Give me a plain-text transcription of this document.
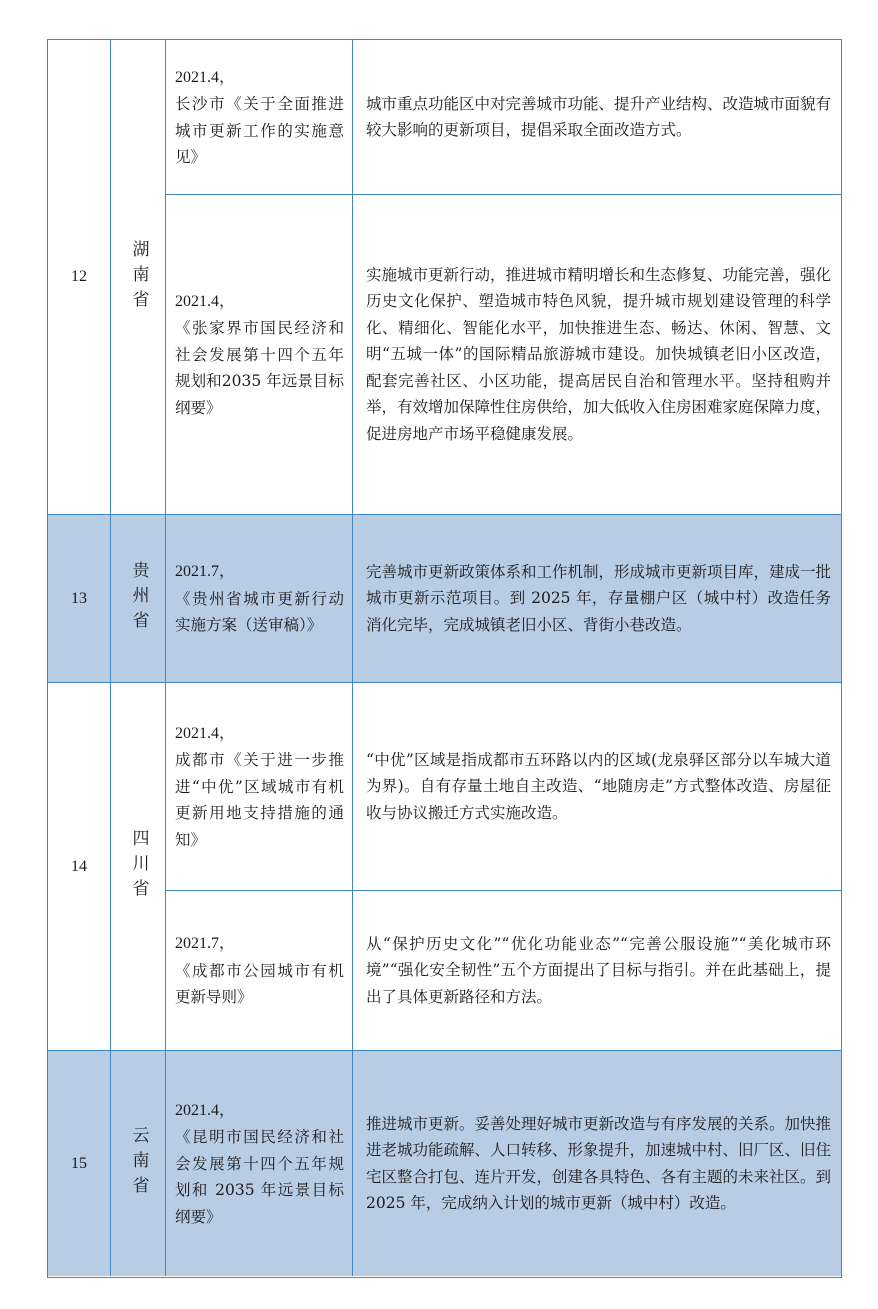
12 湖南省
2021.4，
长沙市《关于全面推进城市更新工作的实施意见》
城市重点功能区中对完善城市功能、提升产业结构、改造城市面貌有较大影响的更新项目，提倡采取全面改造方式。
2021.4，
《张家界市国民经济和社会发展第十四个五年规划和2035 年远景目标纲要》
实施城市更新行动，推进城市精明增长和生态修复、功能完善，强化历史文化保护、塑造城市特色风貌，提升城市规划建设管理的科学化、精细化、智能化水平，加快推进生态、畅达、休闲、智慧、文明“五城一体”的国际精品旅游城市建设。加快城镇老旧小区改造，配套完善社区、小区功能，提高居民自治和管理水平。坚持租购并举，有效增加保障性住房供给，加大低收入住房困难家庭保障力度，促进房地产市场平稳健康发展。
13 贵州省 2021.7，
《贵州省城市更新行动实施方案（送审稿）》
完善城市更新政策体系和工作机制，形成城市更新项目库，建成一批城市更新示范项目。到 2025 年，存量棚户区（城中村）改造任务消化完毕，完成城镇老旧小区、背街小巷改造。
14 四川省
2021.4，
成都市《关于进一步推进“中优”区域城市有机更新用地支持措施的通知》
“中优”区域是指成都市五环路以内的区域(龙泉驿区部分以车城大道为界)。自有存量土地自主改造、“地随房走”方式整体改造、房屋征收与协议搬迁方式实施改造。
2021.7，
《成都市公园城市有机更新导则》
从“保护历史文化”“优化功能业态”“完善公服设施”“美化城市环境”“强化安全韧性”五个方面提出了目标与指引。并在此基础上，提出了具体更新路径和方法。
15 云南省
2021.4，
《昆明市国民经济和社会发展第十四个五年规划和 2035 年远景目标纲要》
推进城市更新。妥善处理好城市更新改造与有序发展的关系。加快推进老城功能疏解、人口转移、形象提升，加速城中村、旧厂区、旧住宅区整合打包、连片开发，创建各具特色、各有主题的未来社区。到 2025 年，完成纳入计划的城市更新（城中村）改造。
